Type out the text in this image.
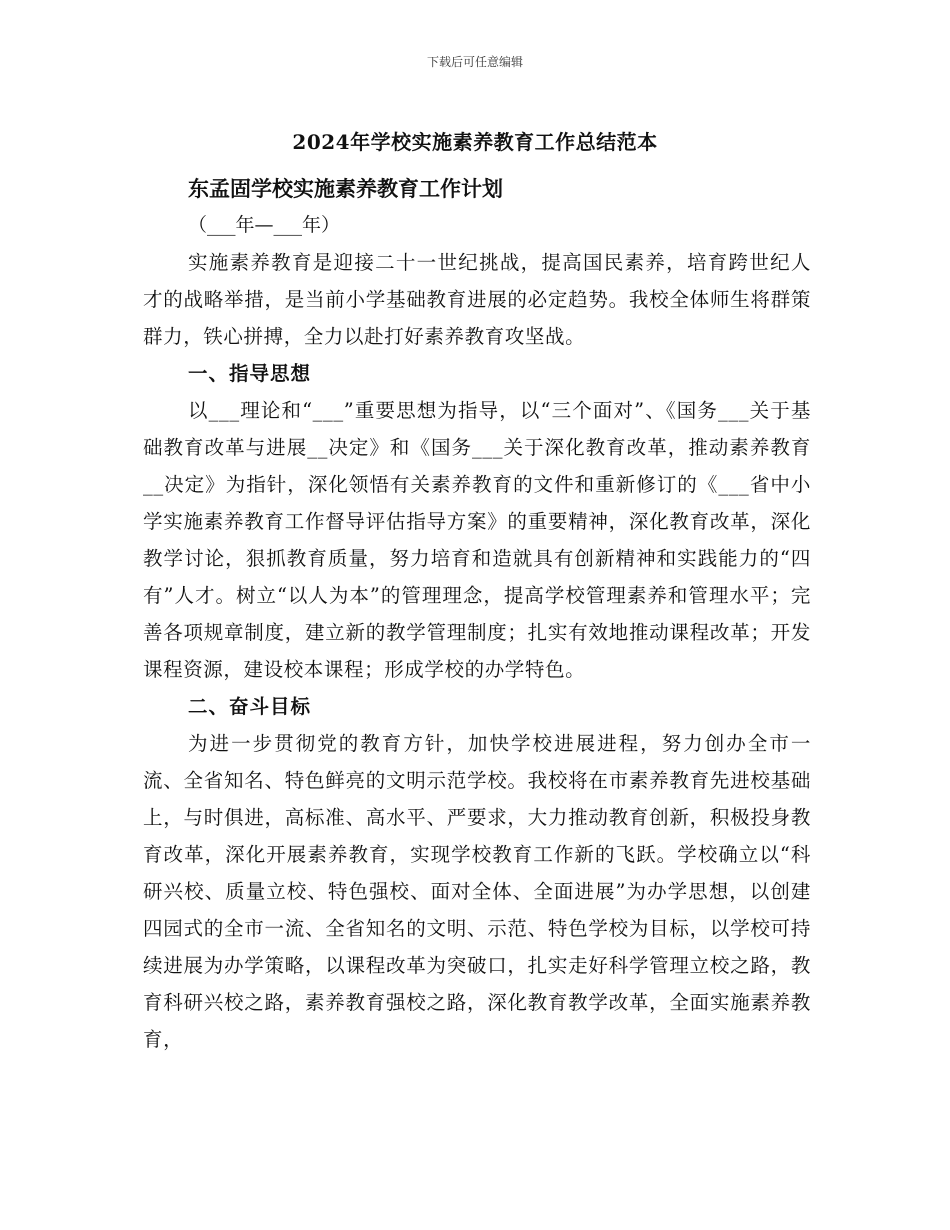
下载后可任意编辑
2024年学校实施素养教育工作总结范本
东孟固学校实施素养教育工作计划
（___年—___年）

实施素养教育是迎接二十一世纪挑战，提高国民素养，培育跨世纪人才的战略举措，是当前小学基础教育进展的必定趋势。我校全体师生将群策群力，铁心拼搏，全力以赴打好素养教育攻坚战。

一、指导思想

以___理论和“___”重要思想为指导，以“三个面对”、《国务___关于基础教育改革与进展__决定》和《国务___关于深化教育改革，推动素养教育__决定》为指针，深化领悟有关素养教育的文件和重新修订的《___省中小学实施素养教育工作督导评估指导方案》的重要精神，深化教育改革，深化教学讨论，狠抓教育质量，努力培育和造就具有创新精神和实践能力的“四有”人才。树立“以人为本”的管理理念，提高学校管理素养和管理水平；完善各项规章制度，建立新的教学管理制度；扎实有效地推动课程改革；开发课程资源，建设校本课程；形成学校的办学特色。

二、奋斗目标

为进一步贯彻党的教育方针，加快学校进展进程，努力创办全市一流、全省知名、特色鲜亮的文明示范学校。我校将在市素养教育先进校基础上，与时俱进，高标准、高水平、严要求，大力推动教育创新，积极投身教育改革，深化开展素养教育，实现学校教育工作新的飞跃。学校确立以“科研兴校、质量立校、特色强校、面对全体、全面进展”为办学思想，以创建四园式的全市一流、全省知名的文明、示范、特色学校为目标，以学校可持续进展为办学策略，以课程改革为突破口，扎实走好科学管理立校之路，教育科研兴校之路，素养教育强校之路，深化教育教学改革，全面实施素养教育，
